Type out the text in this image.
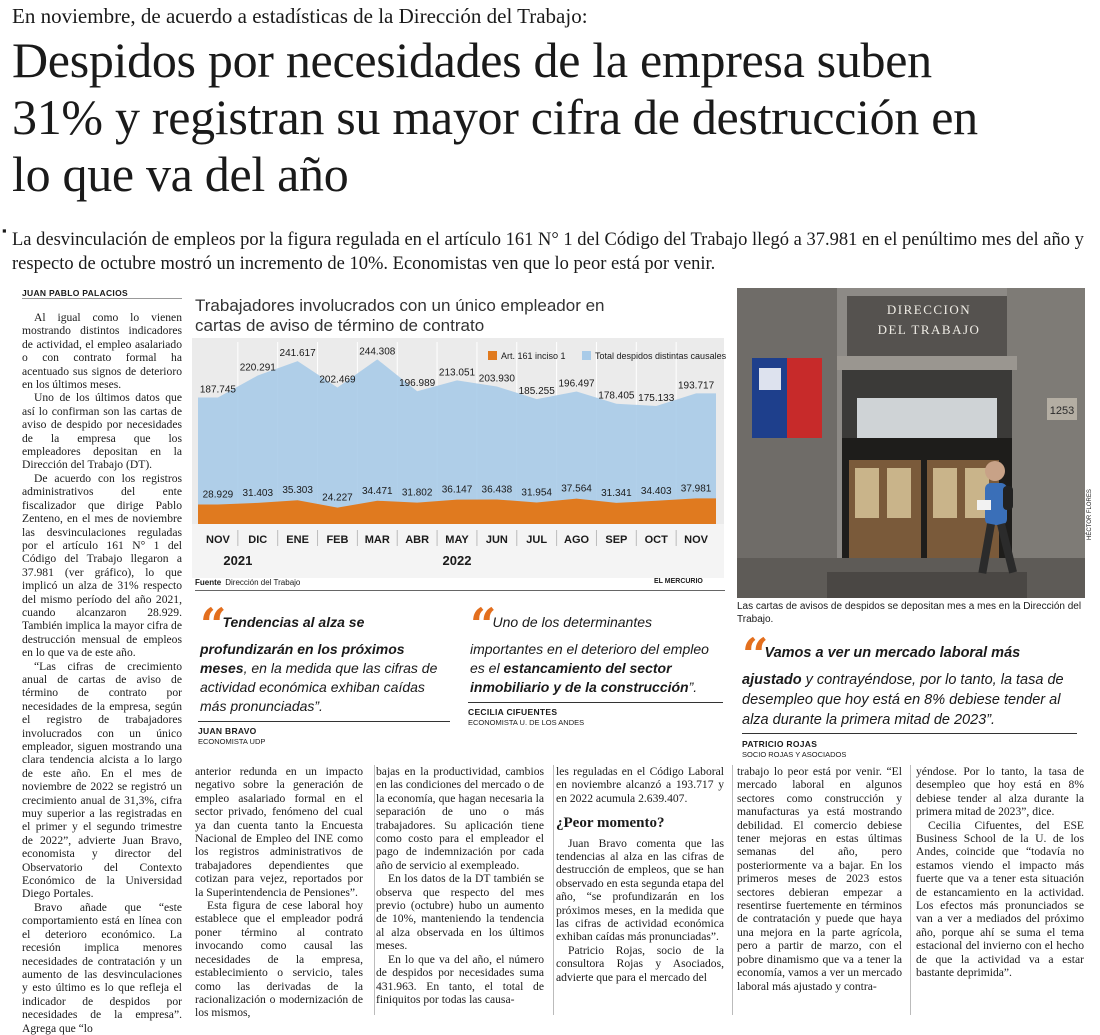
En noviembre, de acuerdo a estadísticas de la Dirección del Trabajo:
Despidos por necesidades de la empresa suben 31% y registran su mayor cifra de destrucción en lo que va del año
▪ La desvinculación de empleos por la figura regulada en el artículo 161 N° 1 del Código del Trabajo llegó a 37.981 en el penúltimo mes del año y respecto de octubre mostró un incremento de 10%. Economistas ven que lo peor está por venir.
JUAN PABLO PALACIOS

Al igual como lo vienen mostrando distintos indicadores de actividad, el empleo asalariado o con contrato formal ha acentuado sus signos de deterioro en los últimos meses.

Uno de los últimos datos que así lo confirman son las cartas de aviso de despido por necesidades de la empresa que los empleadores depositan en la Dirección del Trabajo (DT).

De acuerdo con los registros administrativos del ente fiscalizador que dirige Pablo Zenteno, en el mes de noviembre las desvinculaciones reguladas por el artículo 161 N° 1 del Código del Trabajo llegaron a 37.981 (ver gráfico), lo que implicó un alza de 31% respecto del mismo período del año 2021, cuando alcanzaron 28.929. También implica la mayor cifra de destrucción mensual de empleos en lo que va de este año.

“Las cifras de crecimiento anual de cartas de aviso de término de contrato por necesidades de la empresa, según el registro de trabajadores involucrados con un único empleador, siguen mostrando una clara tendencia alcista a lo largo de este año. En el mes de noviembre de 2022 se registró un crecimiento anual de 31,3%, cifra muy superior a las registradas en el primer y el segundo trimestre de 2022”, advierte Juan Bravo, economista y director del Observatorio del Contexto Económico de la Universidad Diego Portales.

Bravo añade que “este comportamiento está en línea con el deterioro económico. La recesión implica menores necesidades de contratación y un aumento de las desvinculaciones y esto último es lo que refleja el indicador de despidos por necesidades de la empresa”. Agrega que “lo

Trabajadores involucrados con un único empleador en cartas de aviso de término de contrato
28.929 31.403 35.303
24.227
34.471 31.802 36.147 36.438 31.954 37.564 31.341 34.403 37.981
187.745
220.291
241.617
202.469
244.308
196.989
213.051
203.930
185.255
196.497
178.405 175.133
193.717
NOV DIC ENE FEB MAR ABR MAY JUN JUL AGO SEP OCT NOV
2021	2022
Art. 161 inciso 1	Total despidos distintas causales
Fuente Dirección del Trabajo	EL MERCURIO
“ Tendencias al alza se profundizarán en los próximos meses, en la medida que las cifras de actividad económica exhiban caídas más pronunciadas”.
JUAN BRAVO
ECONOMISTA UDP
“ Uno de los determinantes importantes en el deterioro del empleo es el estancamiento del sector inmobiliario y de la construcción”.
CECILIA CIFUENTES
ECONOMISTA U. DE LOS ANDES
DIRECCION
DEL TRABAJO
1253
HÉCTOR FLORES
Las cartas de avisos de despidos se depositan mes a mes en la Dirección del Trabajo.
“ Vamos a ver un mercado laboral más ajustado y contrayéndose, por lo tanto, la tasa de desempleo que hoy está en 8% debiese tender al alza durante la primera mitad de 2023”.
PATRICIO ROJAS
SOCIO ROJAS Y ASOCIADOS

anterior redunda en un impacto negativo sobre la generación de empleo asalariado formal en el sector privado, fenómeno del cual ya dan cuenta tanto la Encuesta Nacional de Empleo del INE como los registros administrativos de trabajadores dependientes que cotizan para vejez, reportados por la Superintendencia de Pensiones”.

Esta figura de cese laboral hoy establece que el empleador podrá poner término al contrato invocando como causal las necesidades de la empresa, establecimiento o servicio, tales como las derivadas de la racionalización o modernización de los mismos,

bajas en la productividad, cambios en las condiciones del mercado o de la economía, que hagan necesaria la separación de uno o más trabajadores. Su aplicación tiene como costo para el empleador el pago de indemnización por cada año de servicio al exempleado.

En los datos de la DT también se observa que respecto del mes previo (octubre) hubo un aumento de 10%, manteniendo la tendencia al alza observada en los últimos meses.

En lo que va del año, el número de despidos por necesidades suma 431.963. En tanto, el total de finiquitos por todas las causa-

les reguladas en el Código Laboral en noviembre alcanzó a 193.717 y en 2022 acumula 2.639.407.

¿Peor momento?

Juan Bravo comenta que las tendencias al alza en las cifras de destrucción de empleos, que se han observado en esta segunda etapa del año, “se profundizarán en los próximos meses, en la medida que las cifras de actividad económica exhiban caídas más pronunciadas”.

Patricio Rojas, socio de la consultora Rojas y Asociados, advierte que para el mercado del

trabajo lo peor está por venir. “El mercado laboral en algunos sectores como construcción y manufacturas ya está mostrando debilidad. El comercio debiese tener mejoras en estas últimas semanas del año, pero posteriormente va a bajar. En los primeros meses de 2023 estos sectores debieran empezar a resentirse fuertemente en términos de contratación y puede que haya una mejora en la parte agrícola, pero a partir de marzo, con el pobre dinamismo que va a tener la economía, vamos a ver un mercado laboral más ajustado y contra-

yéndose. Por lo tanto, la tasa de desempleo que hoy está en 8% debiese tender al alza durante la primera mitad de 2023”, dice.

Cecilia Cifuentes, del ESE Business School de la U. de los Andes, coincide que “todavía no estamos viendo el impacto más fuerte que va a tener esta situación de estancamiento en la actividad. Los efectos más pronunciados se van a ver a mediados del próximo año, porque ahí se suma el tema estacional del invierno con el hecho de que la actividad va a estar bastante deprimida”.
